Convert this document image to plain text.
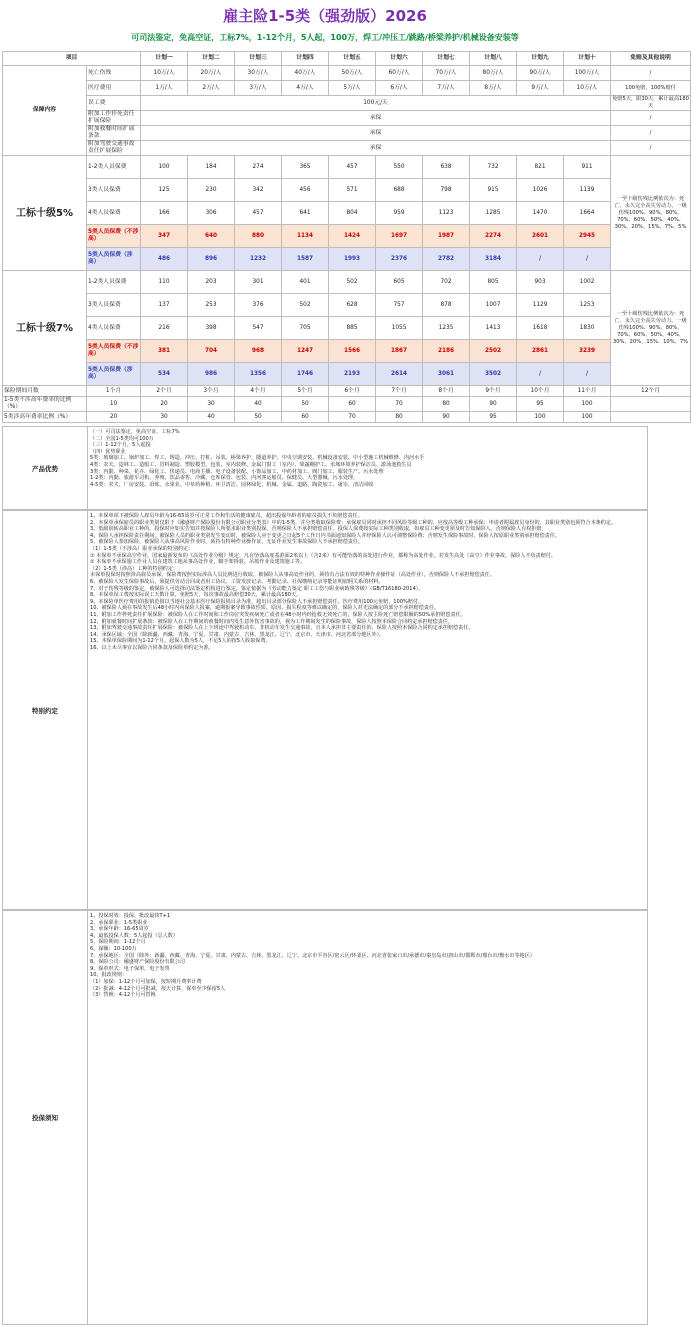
雇主险1-5类（强劲版）2026
可司法鉴定，免高空证，工标7%，1-12个月，5人起，100万，焊工/冲压工/跳路/桥梁养护/机械设备安装等
项目		计划一	计划二	计划三	计划四	计划五	计划六	计划七	计划八	计划九	计划十	免赔及其他说明
保障内容	死亡伤残	10万/人	20万/人	30万/人	40万/人	50万/人	60万/人	70万/人	80万/人	90万/人	100万/人	/
	医疗费用	1万/人	2万/人	3万/人	4万/人	5万/人	6万/人	7万/人	8万/人	9万/人	10万/人	100免赔，100%赔付
	误工费	100元/天										免赔5天，限30天，累计最高180天
	附加工作猝死责任扩展保险	承保										/
	附加救餐时间扩展条款	承保										/
	附加驾驶交通事故责任扩展保险	承保										/
工标十级5%	1-2类人员保费	100	184	274	365	457	550	638	732	821	911	一至十级伤残比例依次为：死亡、永久完全丧失劳动力、一级伤残100%、90%、80%、70%、60%、50%、40%、30%、20%、15%、7%、5%
	3类人员保费	125	230	342	456	571	688	798	915	1026	1139	
	4类人员保费	166	306	457	641	804	959	1123	1285	1470	1664	
	5类人员保费（不涉高）	347	640	880	1134	1424	1697	1987	2274	2601	2945	
	5类人员保费（涉高）	486	896	1232	1587	1993	2376	2782	3184	/	/	
工标十级7%	1-2类人员保费	110	203	301	401	502	605	702	805	903	1002	一至十级伤残比例依次为：死亡、永久完全丧失劳动力、一级伤残100%、90%、80%、70%、60%、50%、40%、30%、20%、15%、10%、7%
	3类人员保费	137	253	376	502	628	757	878	1007	1129	1253	
	4类人员保费	216	398	547	705	885	1055	1235	1413	1618	1830	
	5类人员保费（不涉高）	381	704	968	1247	1566	1867	2186	2502	2861	3239	
	5类人员保费（涉高）	534	986	1356	1746	2193	2614	3061	3502	/	/	
保险期间月数	1个月	2个月	3个月	4个月	5个月	6个月	7个月	8个月	9个月	10个月	11个月	12个月
1-5类不涉高年费率的比例（%）	10	20	30	40	50	60	70	80	90	95	100	
5类涉高年费率比例（%）	20	30	40	50	60	70	80	90	95	100	100	
产品优势
（一）可司法鉴定，免高空证，工标7%
（二）全国1-5类均可100万
（三）1-12个月，5人起投
（四）优势职业
5类：玻璃加工、锅炉加工、焊工、铸造、冲压、打桩、吊装、桥梁养护、隧道养护、中央空调安装、机械设备安装、中小型施工机械维修、内河水手
4类：农夫、造林工、造船工、冒料制造、塑胶模型、包装、室内装修、金属门窗工（室内）、果蔬棚护工、水域环境养护保洁员、游泳池救生员
3类：内勤、种菜、花卉、绿化工、快递员、电商主播、电子设备装配、小饰品加工、中药材加工、阀门加工、服装生产、污水处理
1-2类：内勤、旅游车司机、养殖、饮品零售、冷藏、仓库保管、包装、内河客运船员、保健员、大型器械、污水处理、
4-5类：农夫、厂房安装、冶炼、水果业、中草药种植、环卫清洁、园林绿化、机械、金属、道路、陶瓷加工、屠宰、清洁回收
特别约定
1、本保单项下被保险人雇员年龄为16-65周岁可正常工作和生活的健康雇员，超出投保年龄者的雇员损失不负赔偿责任。
2、本保单承保雇员的职业类别仅限于《融盛财产保险股份有限公司职业分类表》中的1-5类，并分类收取保险费；承保雇员同时承担不同风险等级工种的，应按高等级工种承保；申请者附属雇员身份的，其职业类别也须符合本条约定。
3、低级别转高职业工种的，投保时应如实告知并按保险人所要求职业类别投保，否则保险人不承担赔偿责任。投保人保费按实际工种类别收取，如雇员工种变更须及时告知保险人，否则保险人有权拒赔。
4、保险人承担保险责任期间，被保险人员的职业类别发生变动时，被保险人应于变更之日起5个工作日内书面通知保险人并经保险人认可调整保险费；否则发生保险事故时，保险人按原职业类别承担赔偿责任。
5、被保险人参加保险，被保险人从事高风险作业时，须持有特种作业操作证，无证作业发生事故保险人不承担赔偿责任。
（1）1-5类（不涉高）职业承保的特别约定：
① 本保单不承保高空作业。国家最新发布的《高处作业分级》规定：凡在坠落高度基准面2米以上（含2米）有可能坠落的高处进行作业，都称为高处作业。若发生高处（高空）作业事故，保险人不负责赔付。
② 本保单不承保施工作业人员在建筑工地从事高处作业，脚手架拆装、吊篮作业及建筑施工等。
（2）1-5类（涉高）工种的特别约定：
本保单投保时按照涉高雇员承保，保险费按照实际涉高人员比例进行收取。被保险人从事高处作业的，须持有合法有效的特种作业操作证（高处作业），否则保险人不承担赔偿责任。
6、被保险人发生保险事故后，须提供劳动合同或者用工协议、工资发放记录、考勤记录、社保缴纳记录等能证明雇佣关系的材料。
7、对于伤残等级的鉴定，被保险人可选择司法鉴定机构进行鉴定，鉴定依据为《劳动能力鉴定 职工工伤与职业病致残等级》（GB/T16180-2014）。
8、本保单误工费按实际误工天数计算，免赔5天，每次事故最高赔偿30天，累计最高180天。
9、本保险单医疗费用的报销范围以当地社会基本医疗保险报销目录为准，超出目录部分保险人不承担赔偿责任。医疗费用100元免赔，100%赔付。
10、被保险人须在事故发生后48小时内向保险人报案，逾期报案导致事故性质、原因、损失程度等难以确定的，保险人对无法确定的部分不承担赔偿责任。
11、附加工作猝死责任扩展保险：被保险人在工作时间和工作岗位突发疾病死亡或者在48小时内经抢救无效死亡的，保险人按主险死亡赔偿限额的50%承担赔偿责任。
12、附加就餐时间扩展条款：被保险人在工作期间的就餐时间内发生意外伤害事故的，视为工作期间发生的保险事故，保险人按照本保险合同约定承担赔偿责任。
13、附加驾驶交通事故责任扩展保险：被保险人在上下班途中驾驶机动车、非机动车发生交通事故，且本人承担非主要责任的，保险人按照本保险合同约定承担赔偿责任。
14、承保区域：全国（除新疆、西藏、青海、宁夏、甘肃、内蒙古、吉林、黑龙江、辽宁、北京市、天津市、河北省部分地区外）。
15、本保单保险期间为1-12个月，起保人数为5人，不足5人的按5人收取保费。
16、以上未尽事宜以保险合同条款及保险单约定为准。
投保须知
1、投保时效：投保、批改最快T+1
2、承保职业：1-5类职业
3、承保年龄：16-65周岁
4、最低投保人数：5人起投（总人数）
5、保险期间：1-12个月
6、保额：10-100万
7、承保地区：全国（除外：新疆、西藏、青海、宁夏、甘肃、内蒙古、吉林、黑龙江、辽宁、北京市平谷区/密云区/怀柔区、河北省张家口市/承德市/秦皇岛市/唐山市/邯郸市/邢台市/衡水市等地区）
8、保险公司：融盛财产保险股份有限公司
9、保单形式：电子保单、电子发票
10、批改规则：
（1）加保：1-12个月可加保，按短期月费率计费
（2）批减：4-12个月可批减，按天计算，保单至少保留5人
（3）替换：4-12个月可替换
